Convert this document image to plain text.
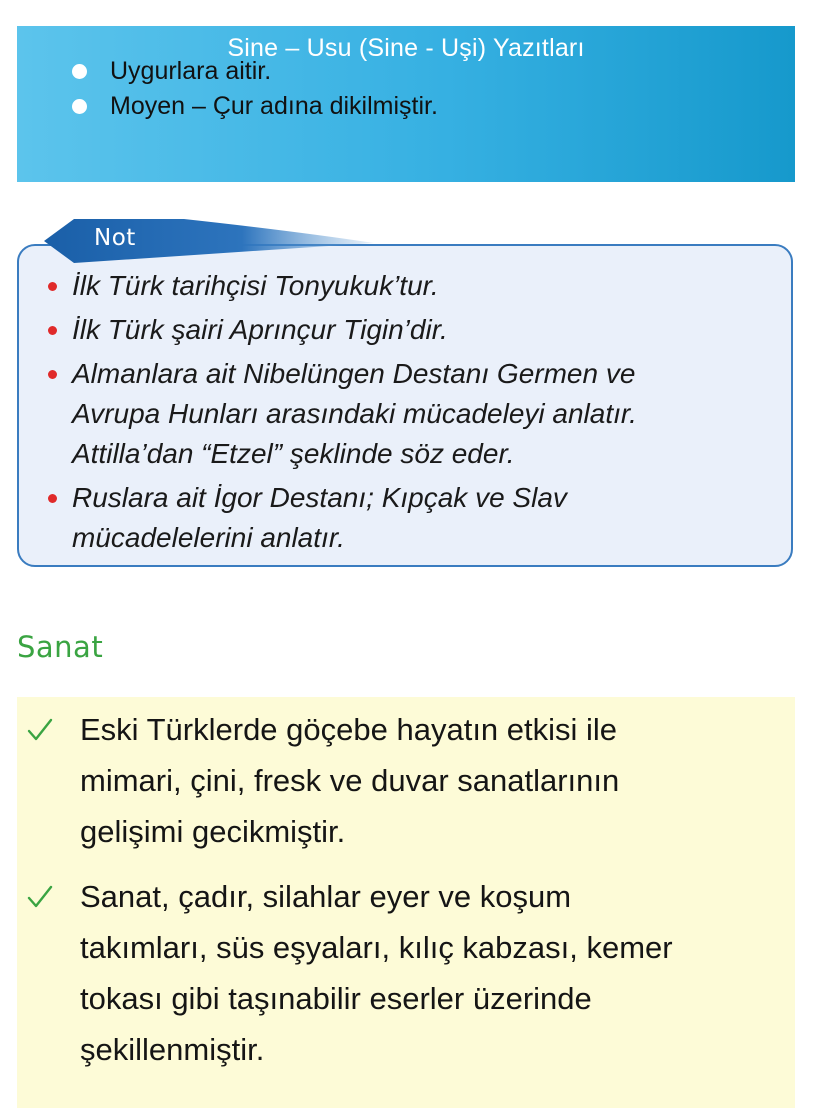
Sine – Usu (Sine - Uşi) Yazıtları
Uygurlara aitir.
Moyen – Çur adına dikilmiştir.
Not
İlk Türk tarihçisi Tonyukuk’tur.
İlk Türk şairi Aprınçur Tigin’dir.
Almanlara ait Nibelüngen Destanı Germen ve
Avrupa Hunları arasındaki mücadeleyi anlatır.
Attilla’dan “Etzel” şeklinde söz eder.
Ruslara ait İgor Destanı; Kıpçak ve Slav
mücadelelerini anlatır.
Sanat
Eski Türklerde göçebe hayatın etkisi ile
mimari, çini, fresk ve duvar sanatlarının
gelişimi gecikmiştir.
Sanat, çadır, silahlar eyer ve koşum
takımları, süs eşyaları, kılıç kabzası, kemer
tokası gibi taşınabilir eserler üzerinde
şekillenmiştir.
